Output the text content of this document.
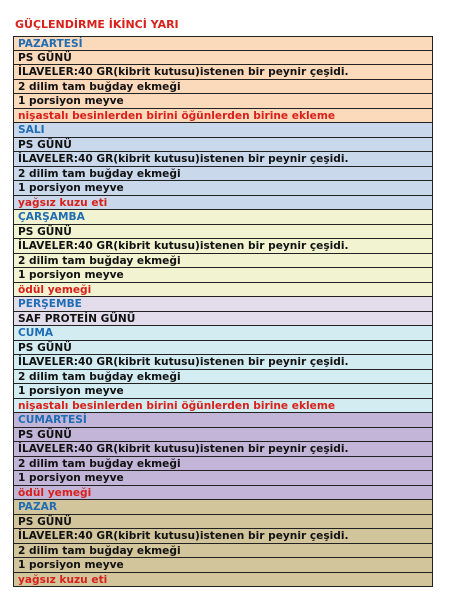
GÜÇLENDİRME İKİNCİ YARI
PAZARTESİ
PS GÜNÜ
İLAVELER:40 GR(kibrit kutusu)istenen bir peynir çeşidi.
2 dilim tam buğday ekmeği
1 porsiyon meyve
nişastalı besinlerden birini öğünlerden birine ekleme
SALI
PS GÜNÜ
İLAVELER:40 GR(kibrit kutusu)istenen bir peynir çeşidi.
2 dilim tam buğday ekmeği
1 porsiyon meyve
yağsız kuzu eti
ÇARŞAMBA
PS GÜNÜ
İLAVELER:40 GR(kibrit kutusu)istenen bir peynir çeşidi.
2 dilim tam buğday ekmeği
1 porsiyon meyve
ödül yemeği
PERŞEMBE
SAF PROTEİN GÜNÜ
CUMA
PS GÜNÜ
İLAVELER:40 GR(kibrit kutusu)istenen bir peynir çeşidi.
2 dilim tam buğday ekmeği
1 porsiyon meyve
nişastalı besinlerden birini öğünlerden birine ekleme
CUMARTESİ
PS GÜNÜ
İLAVELER:40 GR(kibrit kutusu)istenen bir peynir çeşidi.
2 dilim tam buğday ekmeği
1 porsiyon meyve
ödül yemeği
PAZAR
PS GÜNÜ
İLAVELER:40 GR(kibrit kutusu)istenen bir peynir çeşidi.
2 dilim tam buğday ekmeği
1 porsiyon meyve
yağsız kuzu eti
